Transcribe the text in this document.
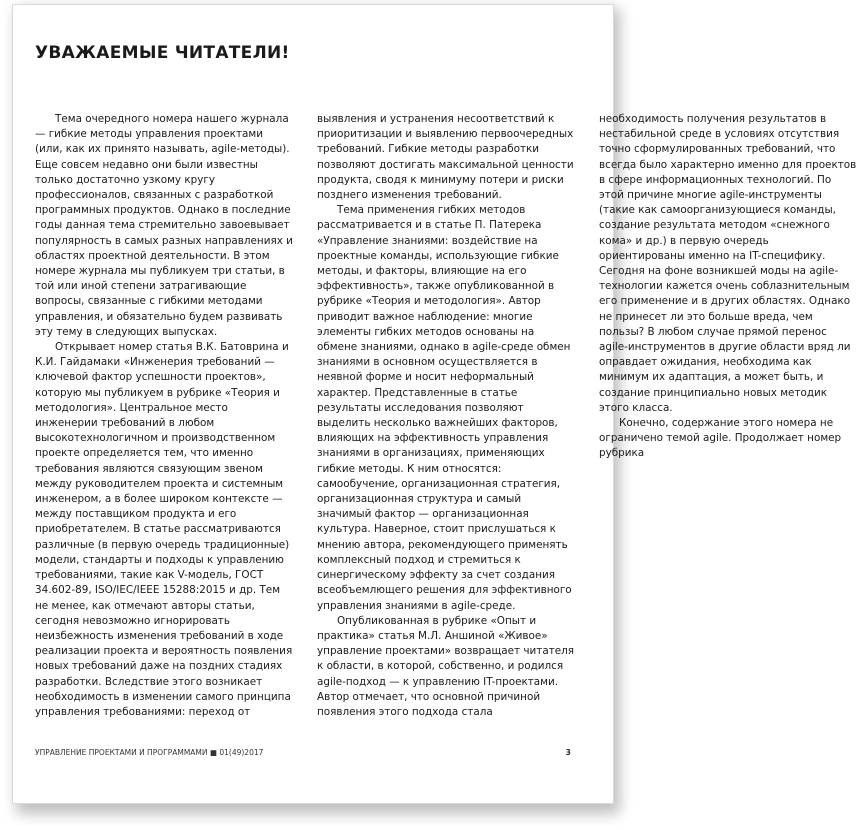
УВАЖАЕМЫЕ ЧИТАТЕЛИ!

Тема очередного номера нашего журнала — гибкие методы управления проектами (или, как их принято называть, agile-методы). Еще совсем недавно они были известны только достаточно узкому кругу профессионалов, связанных с разработкой программных продуктов. Однако в последние годы данная тема стремительно завоевывает популярность в самых разных направлениях и областях проектной деятельности. В этом номере журнала мы публикуем три статьи, в той или иной степени затрагивающие вопросы, связанные с гибкими методами управления, и обязательно будем развивать эту тему в следующих выпусках.

Открывает номер статья В.К. Батоврина и К.И. Гайдамаки «Инженерия требований — ключевой фактор успешности проектов», которую мы публикуем в рубрике «Теория и методология». Центральное место инженерии требований в любом высокотехнологичном и производственном проекте определяется тем, что именно требования являются связующим звеном между руководителем проекта и системным инженером, а в более широком контексте — между поставщиком продукта и его приобретателем. В статье рассматриваются различные (в первую очередь традиционные) модели, стандарты и подходы к управлению требованиями, такие как V-модель, ГОСТ 34.602-89, ISO/IEC/IEEE 15288:2015 и др. Тем не менее, как отмечают авторы статьи, сегодня невозможно игнорировать неизбежность изменения требований в ходе реализации проекта и вероятность появления новых требований даже на поздних стадиях разработки. Вследствие этого возникает необходимость в изменении самого принципа управления требованиями: переход от выявления и устранения несоответствий к приоритизации и выявлению первоочередных требований. Гибкие методы разработки позволяют достигать максимальной ценности продукта, сводя к минимуму потери и риски позднего изменения требований.

Тема применения гибких методов рассматривается и в статье П. Патерека «Управление знаниями: воздействие на проектные команды, использующие гибкие методы, и факторы, влияющие на его эффективность», также опубликованной в рубрике «Теория и методология». Автор приводит важное наблюдение: многие элементы гибких методов основаны на обмене знаниями, однако в agile-среде обмен знаниями в основном осуществляется в неявной форме и носит неформальный характер. Представленные в статье результаты исследования позволяют выделить несколько важнейших факторов, влияющих на эффективность управления знаниями в организациях, применяющих гибкие методы. К ним относятся: самообучение, организационная стратегия, организационная структура и самый значимый фактор — организационная культура. Наверное, стоит прислушаться к мнению автора, рекомендующего применять комплексный подход и стремиться к синергическому эффекту за счет создания всеобъемлющего решения для эффективного управления знаниями в agile-среде.

Опубликованная в рубрике «Опыт и практика» статья М.Л. Аншиной «Живое» управление проектами» возвращает читателя к области, в которой, собственно, и родился agile-подход — к управлению IT-проектами. Автор отмечает, что основной причиной появления этого подхода стала необходимость получения результатов в нестабильной среде в условиях отсутствия точно сформулированных требований, что всегда было характерно именно для проектов в сфере информационных технологий. По этой причине многие agile-инструменты (такие как самоорганизующиеся команды, создание результата методом «снежного кома» и др.) в первую очередь ориентированы именно на IT-специфику. Сегодня на фоне возникшей моды на agile-технологии кажется очень соблазнительным его применение и в других областях. Однако не принесет ли это больше вреда, чем пользы? В любом случае прямой перенос agile-инструментов в другие области вряд ли оправдает ожидания, необходима как минимум их адаптация, а может быть, и создание принципиально новых методик этого класса.

Конечно, содержание этого номера не ограничено темой agile. Продолжает номер рубрика

УПРАВЛЕНИЕ ПРОЕКТАМИ И ПРОГРАММАМИ ■ 01(49)2017	3
